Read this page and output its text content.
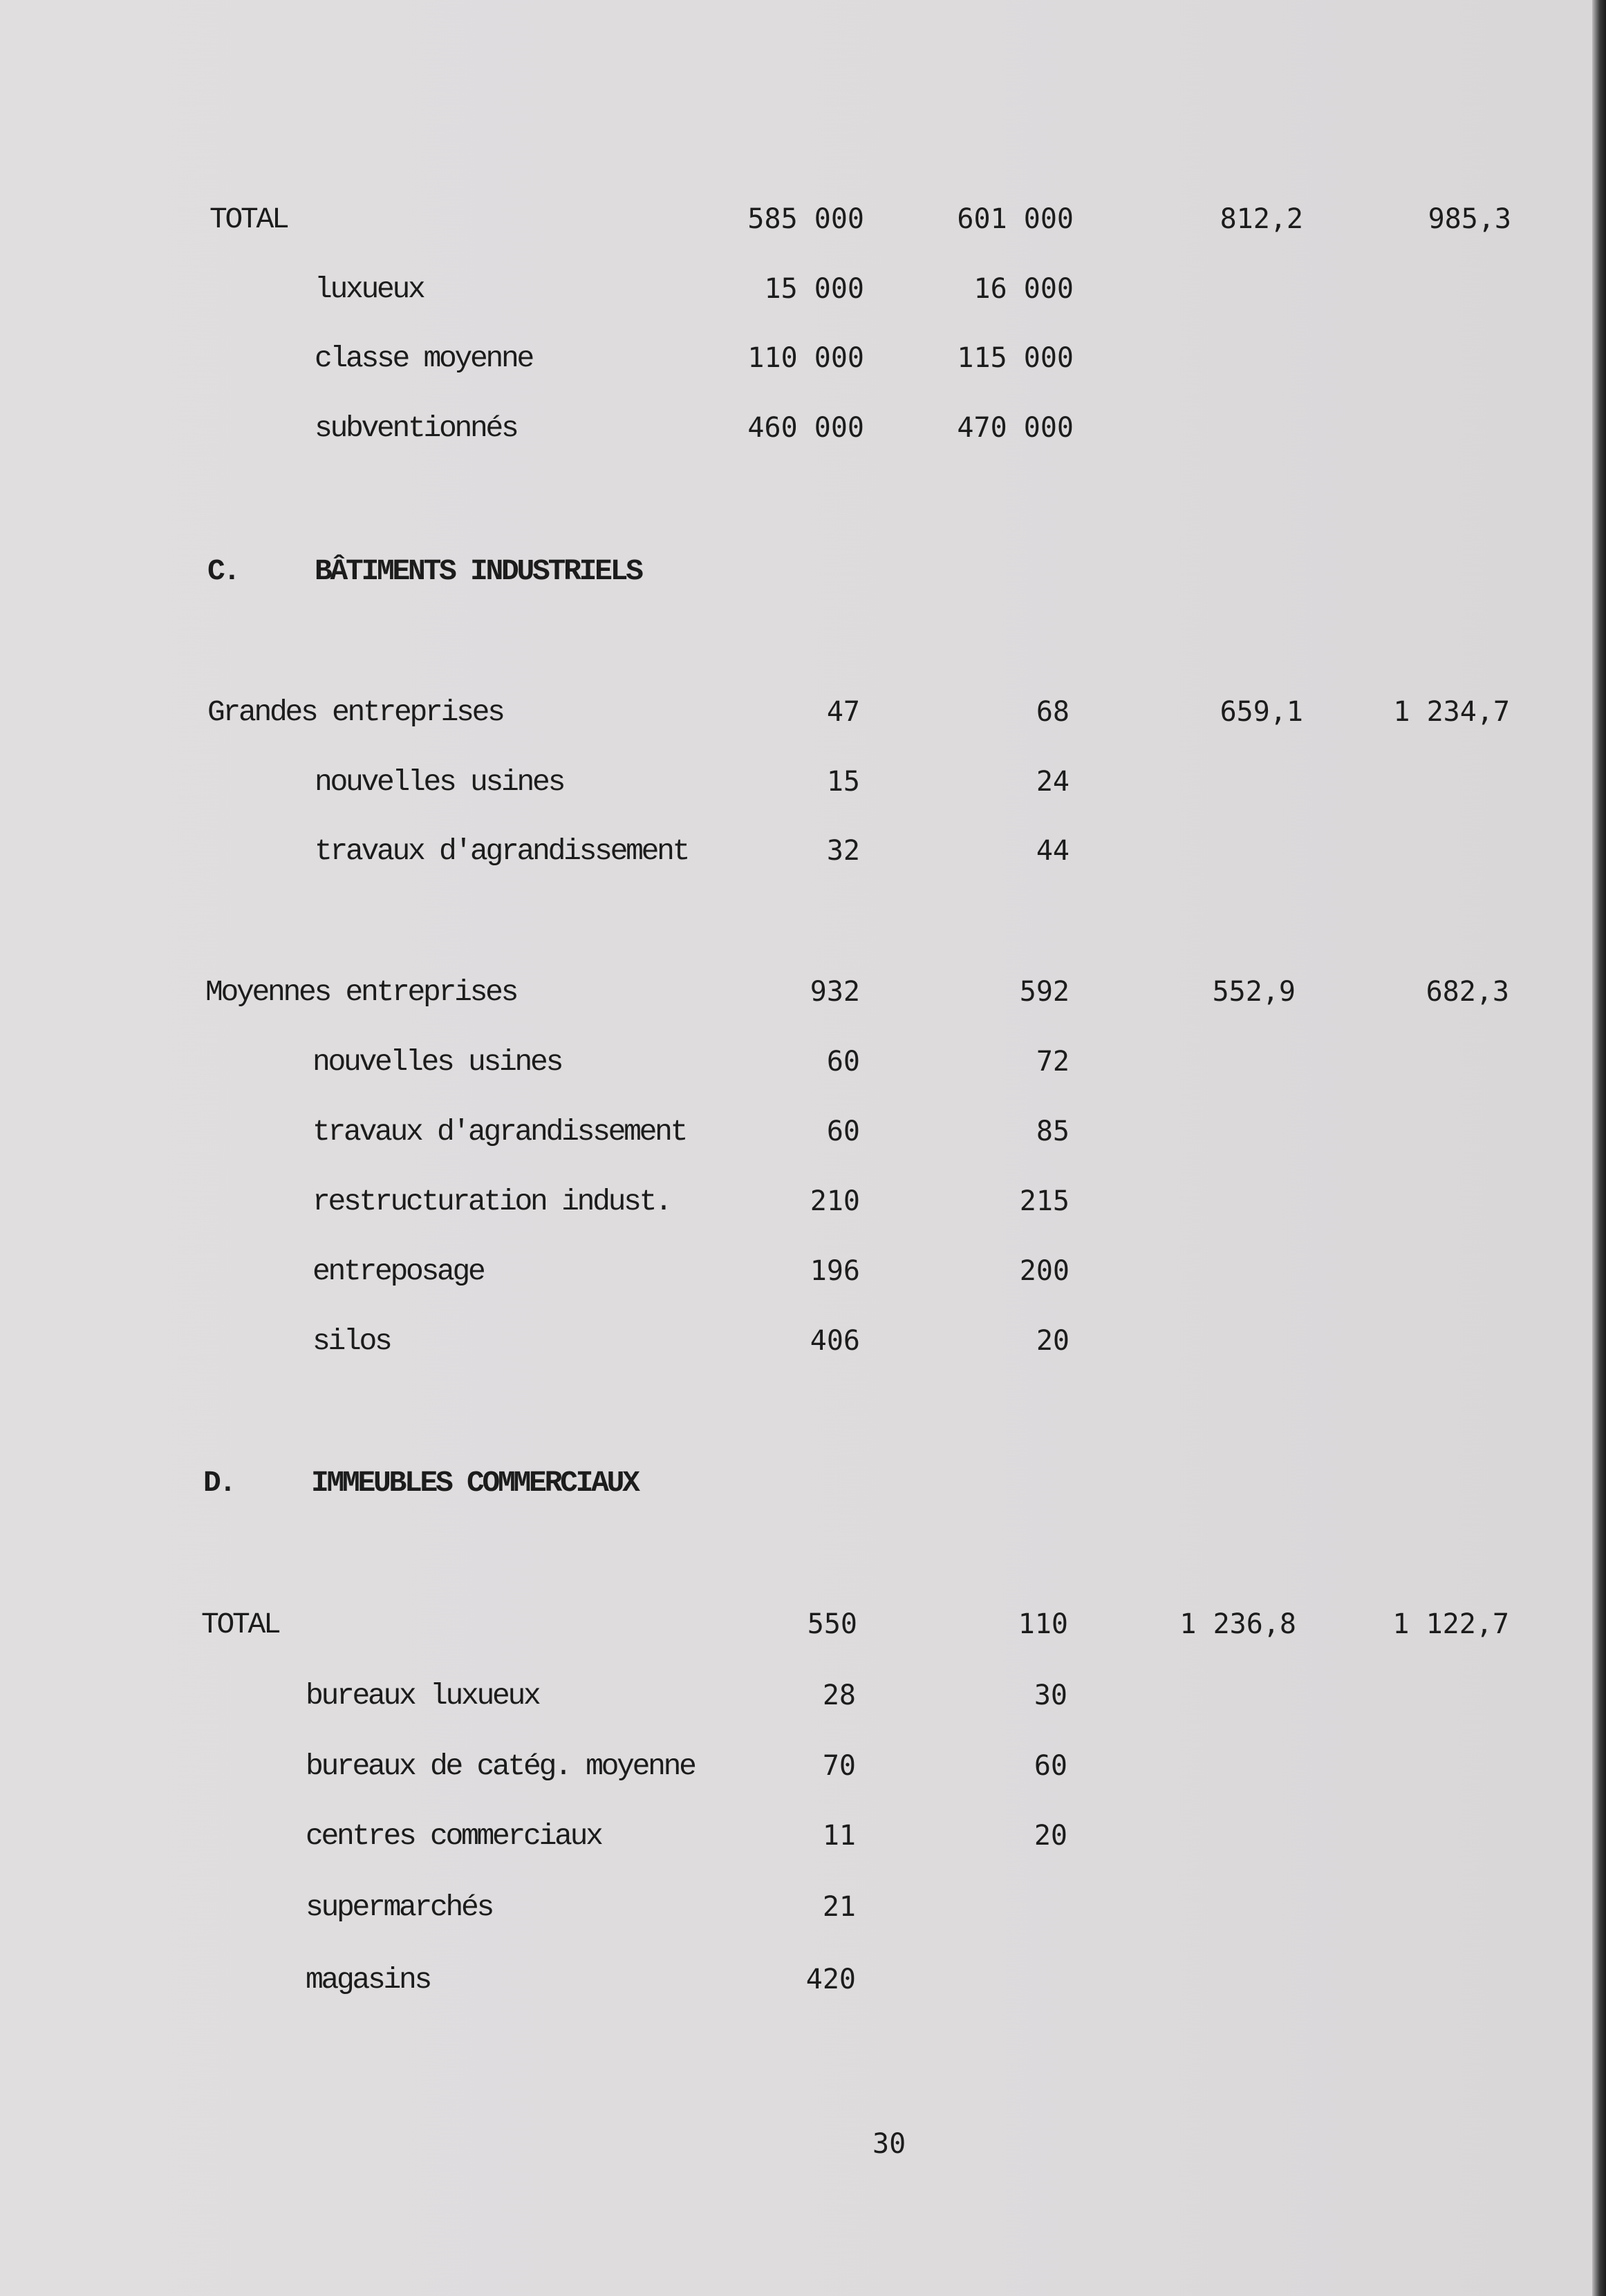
TOTAL	585 000	601 000	812,2	985,3
luxueux	15 000	16 000
classe moyenne	110 000	115 000
subventionnés	460 000	470 000
C.	BÂTIMENTS INDUSTRIELS
Grandes entreprises	47	68	659,1	1 234,7
nouvelles usines	15	24
travaux d'agrandissement	32	44
Moyennes entreprises	932	592	552,9	682,3
nouvelles usines	60	72
travaux d'agrandissement	60	85
restructuration indust.	210	215
entreposage	196	200
silos	406	20
D.	IMMEUBLES COMMERCIAUX
TOTAL	550	110	1 236,8	1 122,7
bureaux luxueux	28	30
bureaux de catég. moyenne	70	60
centres commerciaux	11	20
supermarchés	21
magasins	420
30
